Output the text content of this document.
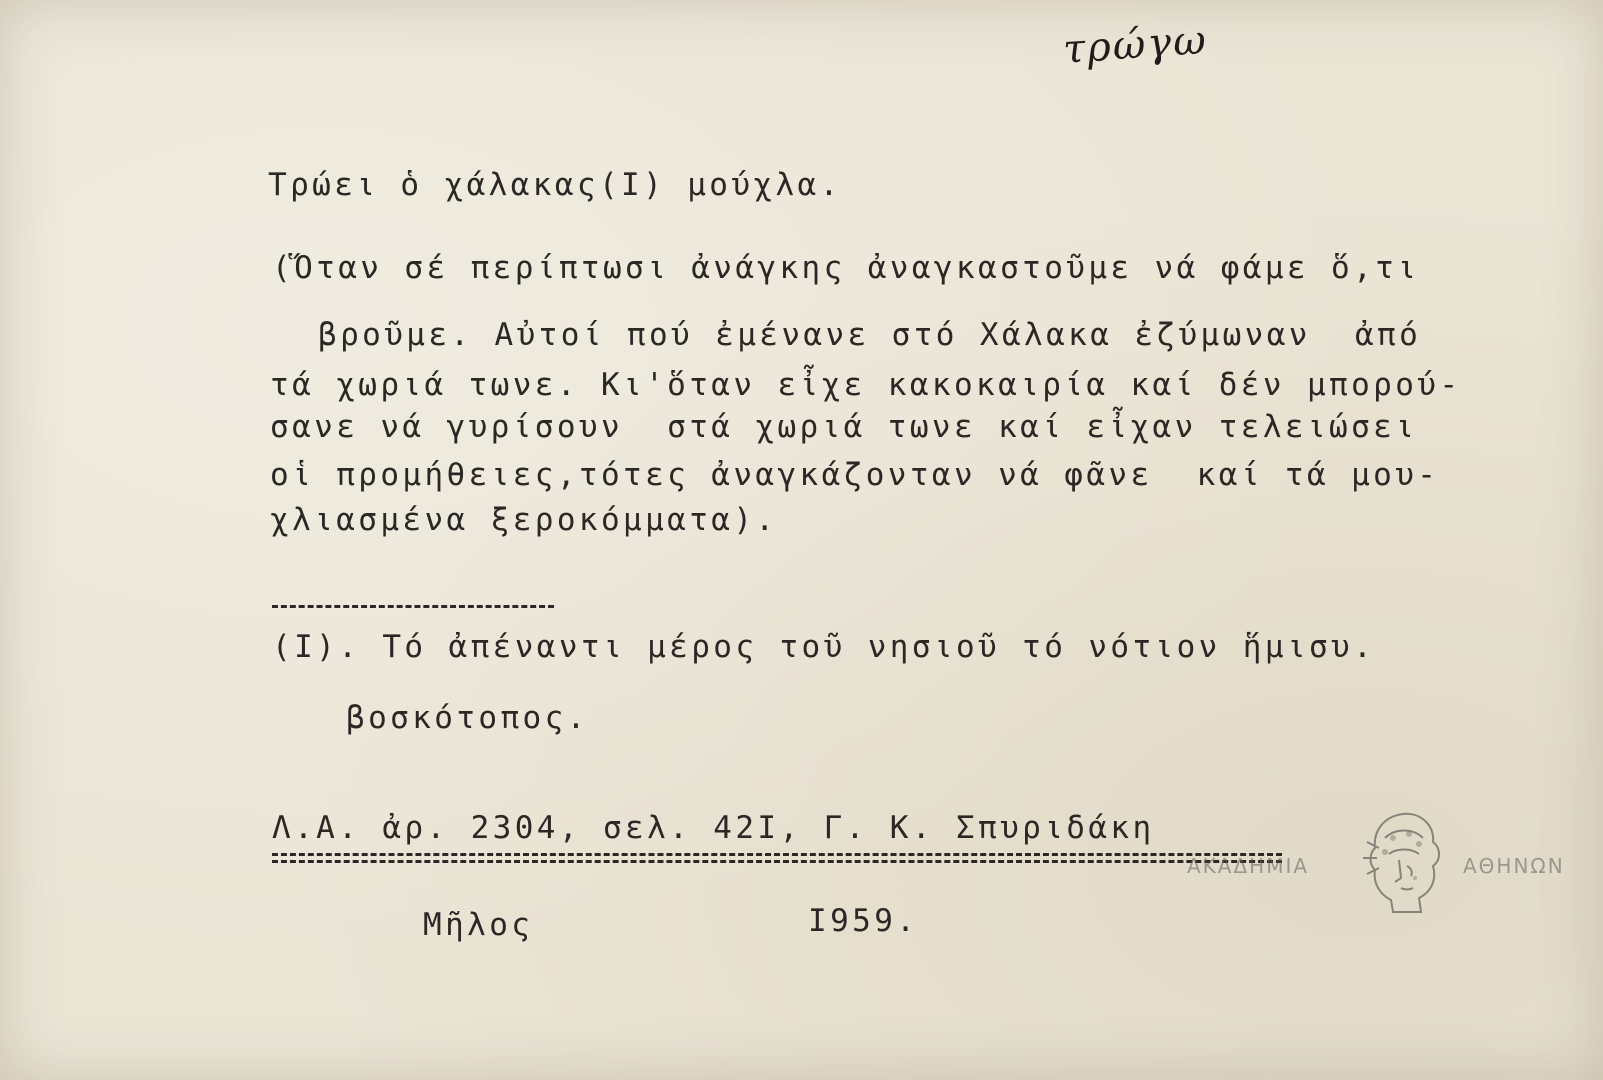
τρώγω
Τρώει ὁ χάλακας(Ι) μούχλα.
(Ὅταν σέ περίπτωσι ἀνάγκης ἀναγκαστοῦμε νά φάμε ὅ,τι
βροῦμε. Αὐτοί πού ἐμένανε στό Χάλακα ἐζύμωναν  ἀπό
τά χωριά τωνε. Κι'ὅταν εἶχε κακοκαιρία καί δέν μπορού-
σανε νά γυρίσουν  στά χωριά τωνε καί εἶχαν τελειώσει
οἱ προμήθειες,τότες ἀναγκάζονταν νά φᾶνε  καί τά μου-
χλιασμένα ξεροκόμματα).
(Ι). Τό ἀπέναντι μέρος τοῦ νησιοῦ τό νότιον ἥμισυ.
βοσκότοπος.
Λ.Α. ἀρ. 2304, σελ. 42Ι, Γ. Κ. Σπυριδάκη
Μῆλος	Ι959.
ΑΚΑΔΗΜΙΑ	ΑΘΗΝΩΝ
